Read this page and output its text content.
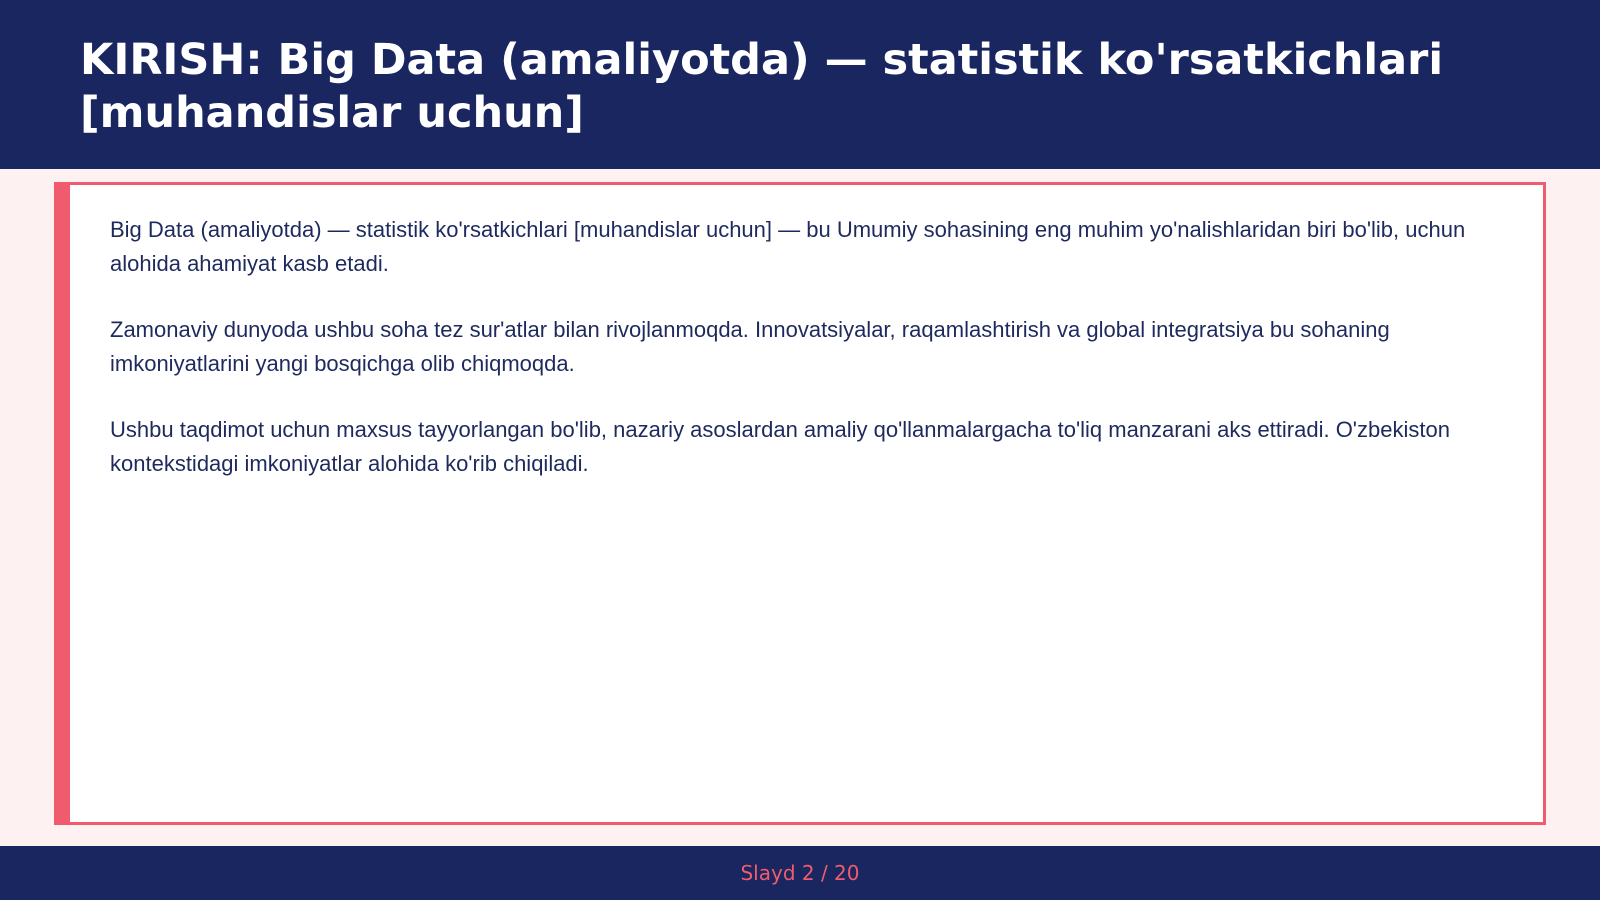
KIRISH: Big Data (amaliyotda) — statistik ko'rsatkichlari [muhandislar uchun]

Big Data (amaliyotda) — statistik ko'rsatkichlari [muhandislar uchun] — bu Umumiy sohasining eng muhim yo'nalishlaridan biri bo'lib, uchun alohida ahamiyat kasb etadi.

Zamonaviy dunyoda ushbu soha tez sur'atlar bilan rivojlanmoqda. Innovatsiyalar, raqamlashtirish va global integratsiya bu sohaning imkoniyatlarini yangi bosqichga olib chiqmoqda.

Ushbu taqdimot uchun maxsus tayyorlangan bo'lib, nazariy asoslardan amaliy qo'llanmalargacha to'liq manzarani aks ettiradi. O'zbekiston kontekstidagi imkoniyatlar alohida ko'rib chiqiladi.

Slayd 2 / 20
